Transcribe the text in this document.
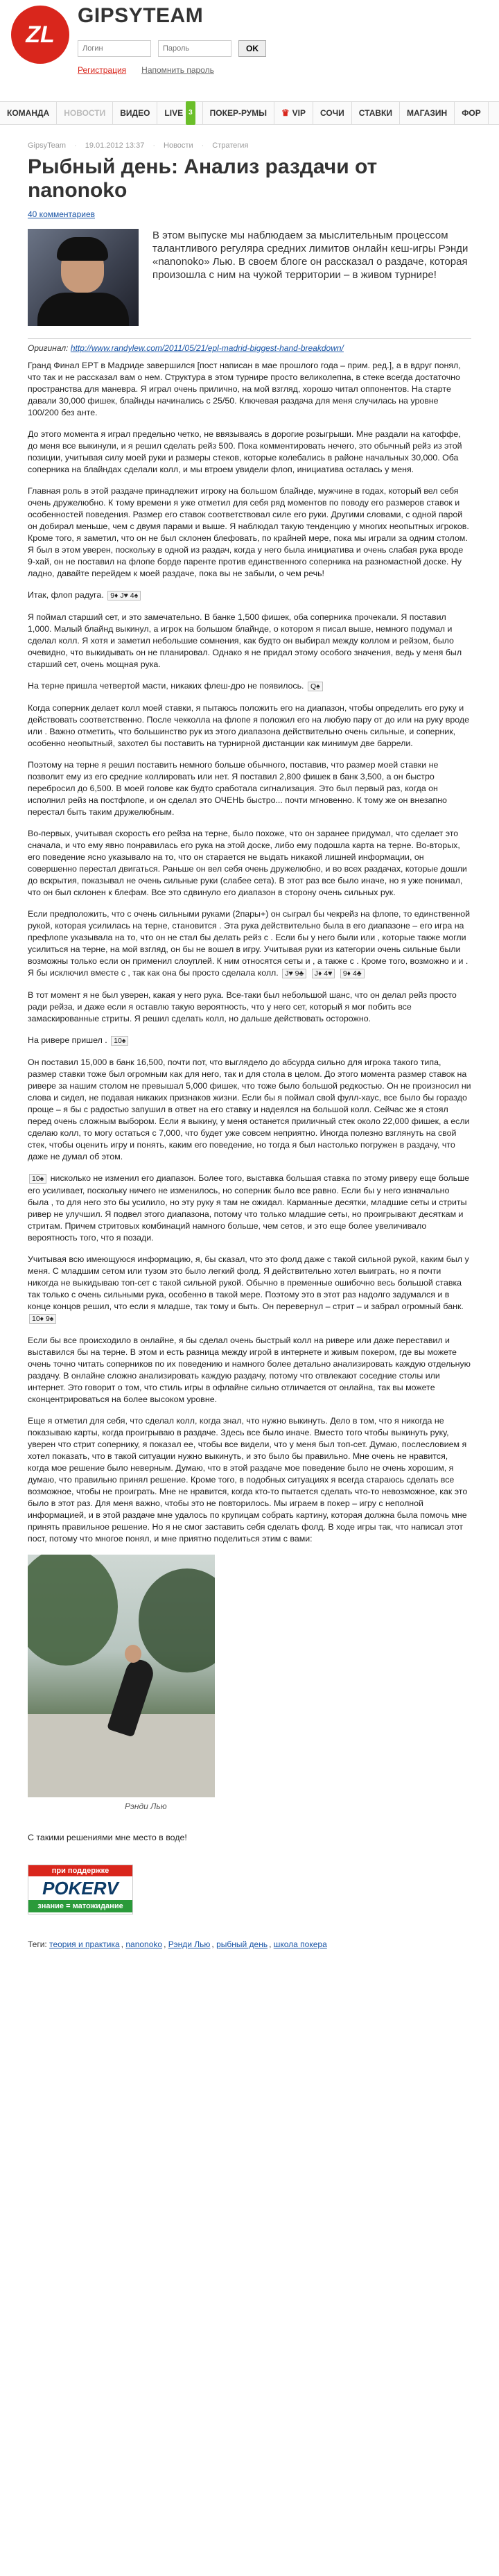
ZL
GIPSYTEAM
Логин
OK
Регистрация Напомнить пароль
КОМАНДА	НОВОСТИ	ВИДЕО	LIVE 3	ПОКЕР-РУМЫ	♛ VIP	СОЧИ	СТАВКИ	МАГАЗИН	ФОР
GipsyTeam · 19.01.2012 13:37 · Новости · Стратегия
Рыбный день: Анализ раздачи от nanonoko
40 комментариев
В этом выпуске мы наблюдаем за мыслительным процессом талантливого регуляра средних лимитов онлайн кеш-игры Рэнди «nanonoko» Лью. В своем блоге он рассказал о раздаче, которая произошла с ним на чужой территории – в живом турнире!
Оригинал: http://www.randylew.com/2011/05/21/epl-madrid-biggest-hand-breakdown/

Гранд Финал EPT в Мадриде завершился [пост написан в мае прошлого года – прим. ред.], а в вдруг понял, что так и не рассказал вам о нем. Структура в этом турнире просто великолепна, в стеке всегда достаточно пространства для маневра. Я играл очень прилично, на мой взгляд, хорошо читал оппонентов. На старте давали 30,000 фишек, блайнды начинались с 25/50. Ключевая раздача для меня случилась на уровне 100/200 без анте.

До этого момента я играл предельно четко, не ввязываясь в дорогие розыгрыши. Мне раздали на катоффе, до меня все выкинули, и я решил сделать рейз 500. Пока комментировать нечего, это обычный рейз из этой позиции, учитывая силу моей руки и размеры стеков, которые колебались в районе начальных 30,000. Оба соперника на блайндах сделали колл, и мы втроем увидели флоп, инициатива осталась у меня.

Главная роль в этой раздаче принадлежит игроку на большом блайнде, мужчине в годах, который вел себя очень дружелюбно. К тому времени я уже отметил для себя ряд моментов по поводу его размеров ставок и особенностей поведения. Размер его ставок соответствовал силе его руки. Другими словами, с одной парой он добирал меньше, чем с двумя парами и выше. Я наблюдал такую тенденцию у многих неопытных игроков. Кроме того, я заметил, что он не был склонен блефовать, по крайней мере, пока мы играли за одним столом. Я был в этом уверен, поскольку в одной из раздач, когда у него была инициатива и очень слабая рука вроде 9-хай, он не поставил на флопе борде паренте против единственного соперника на разномастной доске. Ну ладно, давайте перейдем к моей раздаче, пока вы не забыли, о чем речь!

Итак, флоп радуга. 9♦ J♥ 4♠

Я поймал старший сет, и это замечательно. В банке 1,500 фишек, оба соперника прочекали. Я поставил 1,000. Малый блайнд выкинул, а игрок на большом блайнде, о котором я писал выше, немного подумал и сделал колл. Я хотя и заметил небольшие сомнения, как будто он выбирал между коллом и рейзом, было очевидно, что выкидывать он не планировал. Однако я не придал этому особого значения, ведь у меня был старший сет, очень мощная рука.

На терне пришла четвертой масти, никаких флеш-дро не появилось. Q♠

Когда соперник делает колл моей ставки, я пытаюсь положить его на диапазон, чтобы определить его руку и действовать соответственно. После чекколла на флопе я положил его на любую пару от до или на руку вроде или . Важно отметить, что большинство рук из этого диапазона действительно очень сильные, и соперник, особенно неопытный, захотел бы поставить на турнирной дистанции как минимум две баррели.

Поэтому на терне я решил поставить немного больше обычного, поставив, что размер моей ставки не позволит ему из его средние коллировать или нет. Я поставил 2,800 фишек в банк 3,500, а он быстро перебросил до 6,500. В моей голове как будто сработала сигнализация. Это был первый раз, когда он исполнил рейз на постфлопе, и он сделал это ОЧЕНЬ быстро... почти мгновенно. К тому же он внезапно перестал быть таким дружелюбным.

Во-первых, учитывая скорость его рейза на терне, было похоже, что он заранее придумал, что сделает это сначала, и что ему явно понравилась его рука на этой доске, либо ему подошла карта на терне. Во-вторых, его поведение ясно указывало на то, что он старается не выдать никакой лишней информации, он совершенно перестал двигаться. Раньше он вел себя очень дружелюбно, и во всех раздачах, которые дошли до вскрытия, показывал не очень сильные руки (слабее сета). В этот раз все было иначе, но я уже понимал, что он был склонен к блефам. Все это сдвинуло его диапазон в сторону очень сильных рук.

Если предположить, что с очень сильными руками (2пары+) он сыграл бы чекрейз на флопе, то единственной рукой, которая усилилась на терне, становится . Эта рука действительно была в его диапазоне – его игра на префлопе указывала на то, что он не стал бы делать рейз с . Если бы у него были или , которые также могли усилиться на терне, на мой взгляд, он бы не вошел в игру. Учитывая руки из категории очень сильные были возможны только если он применил слоуплей. К ним относятся сеты и , а также с . Кроме того, возможно и и . Я бы исключил вместе с , так как она бы просто сделала колл. J♥ 9♣ J♦ 4♥ 9♦ 4♣

В тот момент я не был уверен, какая у него рука. Все-таки был небольшой шанс, что он делал рейз просто ради рейза, и даже если я оставлю такую вероятность, что у него сет, который я мог побить все замаскированные стриты. Я решил сделать колл, но дальше действовать осторожно.

На ривере пришел . 10♠

Он поставил 15,000 в банк 16,500, почти пот, что выглядело до абсурда сильно для игрока такого типа, размер ставки тоже был огромным как для него, так и для стола в целом. До этого момента размер ставок на ривере за нашим столом не превышал 5,000 фишек, что тоже было большой редкостью. Он не произносил ни слова и сидел, не подавая никаких признаков жизни. Если бы я поймал свой фулл-хаус, все было бы гораздо проще – я бы с радостью запушил в ответ на его ставку и надеялся на большой колл. Сейчас же я стоял перед очень сложным выбором. Если я выкину, у меня останется приличный стек около 22,000 фишек, а если сделаю колл, то могу остаться с 7,000, что будет уже совсем неприятно. Иногда полезно взглянуть на свой стек, чтобы оценить игру и понять, каким его поведение, но тогда я был настолько погружен в раздачу, что даже не думал об этом.

10♠ нисколько не изменил его диапазон. Более того, выставка большая ставка по этому риверу еще больше его усиливает, поскольку ничего не изменилось, но соперник было все равно. Если бы у него изначально была , то для него это бы усилило, но эту руку я там не ожидал. Карманные десятки, младшие сеты и стриты ривер не улучшил. Я подвел этого диапазона, потому что только младшие сеты, но проигрывают десяткам и стритам. Причем стритовых комбинаций намного больше, чем сетов, и это еще более увеличивало вероятность того, что я позади.

Учитывая всю имеющуюся информацию, я, бы сказал, что это фолд даже с такой сильной рукой, каким был у меня. С младшим сетом или тузом это было легкий фолд. Я действительно хотел выиграть, но я почти никогда не выкидываю топ-сет с такой сильной рукой. Обычно в пременные ошибочно весь большой ставка так только с очень сильными рука, особенно в такой мере. Поэтому это в этот раз надолго задумался и в конце концов решил, что если я младше, так тому и быть. Он перевернул – стрит – и забрал огромный банк. 10♦ 9♠

Если бы все происходило в онлайне, я бы сделал очень быстрый колл на ривере или даже переставил и выставился бы на терне. В этом и есть разница между игрой в интернете и живым покером, где вы можете очень точно читать соперников по их поведению и намного более детально анализировать каждую отдельную раздачу. В онлайне сложно анализировать каждую раздачу, потому что отвлекают соседние столы или интернет. Это говорит о том, что стиль игры в офлайне сильно отличается от онлайна, так вы можете сконцентрироваться на более высоком уровне.

Еще я отметил для себя, что сделал колл, когда знал, что нужно выкинуть. Дело в том, что я никогда не показываю карты, когда проигрываю в раздаче. Здесь все было иначе. Вместо того чтобы выкинуть руку, уверен что стрит сопернику, я показал ее, чтобы все видели, что у меня был топ-сет. Думаю, послесловием я хотел показать, что в такой ситуации нужно выкинуть, и это было бы правильно. Мне очень не нравится, когда мое решение было неверным. Думаю, что в этой раздаче мое поведение было не очень хорошим, я думаю, что правильно принял решение. Кроме того, в подобных ситуациях я всегда стараюсь сделать все возможное, чтобы не проиграть. Мне не нравится, когда кто-то пытается сделать что-то невозможное, как это было в этот раз. Для меня важно, чтобы это не повторилось. Мы играем в покер – игру с неполной информацией, и в этой раздаче мне удалось по крупицам собрать картину, которая должна была помочь мне принять правильное решение. Но я не смог заставить себя сделать фолд. В ходе игры так, что написал этот пост, потому что многое понял, и мне приятно поделиться этим с вами:

Рэнди Лью

С такими решениями мне место в воде!

при поддержке
POKERV
знание = матожидание
Теги: теория и практика , nanonoko , Рэнди Лью , рыбный день , школа покера
